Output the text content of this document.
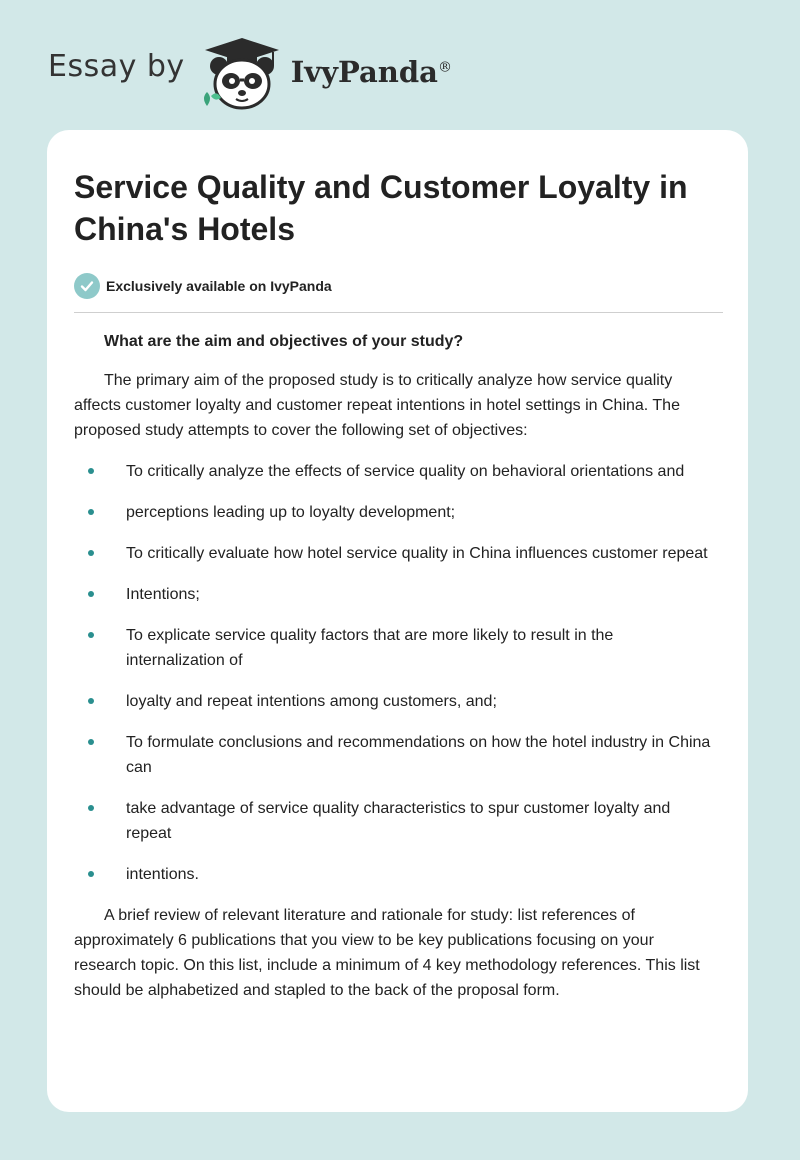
Essay by	IvyPanda®
Service Quality and Customer Loyalty in China's Hotels
Exclusively available on IvyPanda

What are the aim and objectives of your study?

The primary aim of the proposed study is to critically analyze how service quality affects customer loyalty and customer repeat intentions in hotel settings in China. The proposed study attempts to cover the following set of objectives:

To critically analyze the effects of service quality on behavioral orientations and
perceptions leading up to loyalty development;
To critically evaluate how hotel service quality in China influences customer repeat
Intentions;
To explicate service quality factors that are more likely to result in the internalization of
loyalty and repeat intentions among customers, and;
To formulate conclusions and recommendations on how the hotel industry in China can
take advantage of service quality characteristics to spur customer loyalty and repeat
intentions.

A brief review of relevant literature and rationale for study: list references of approximately 6 publications that you view to be key publications focusing on your research topic. On this list, include a minimum of 4 key methodology references. This list should be alphabetized and stapled to the back of the proposal form.
